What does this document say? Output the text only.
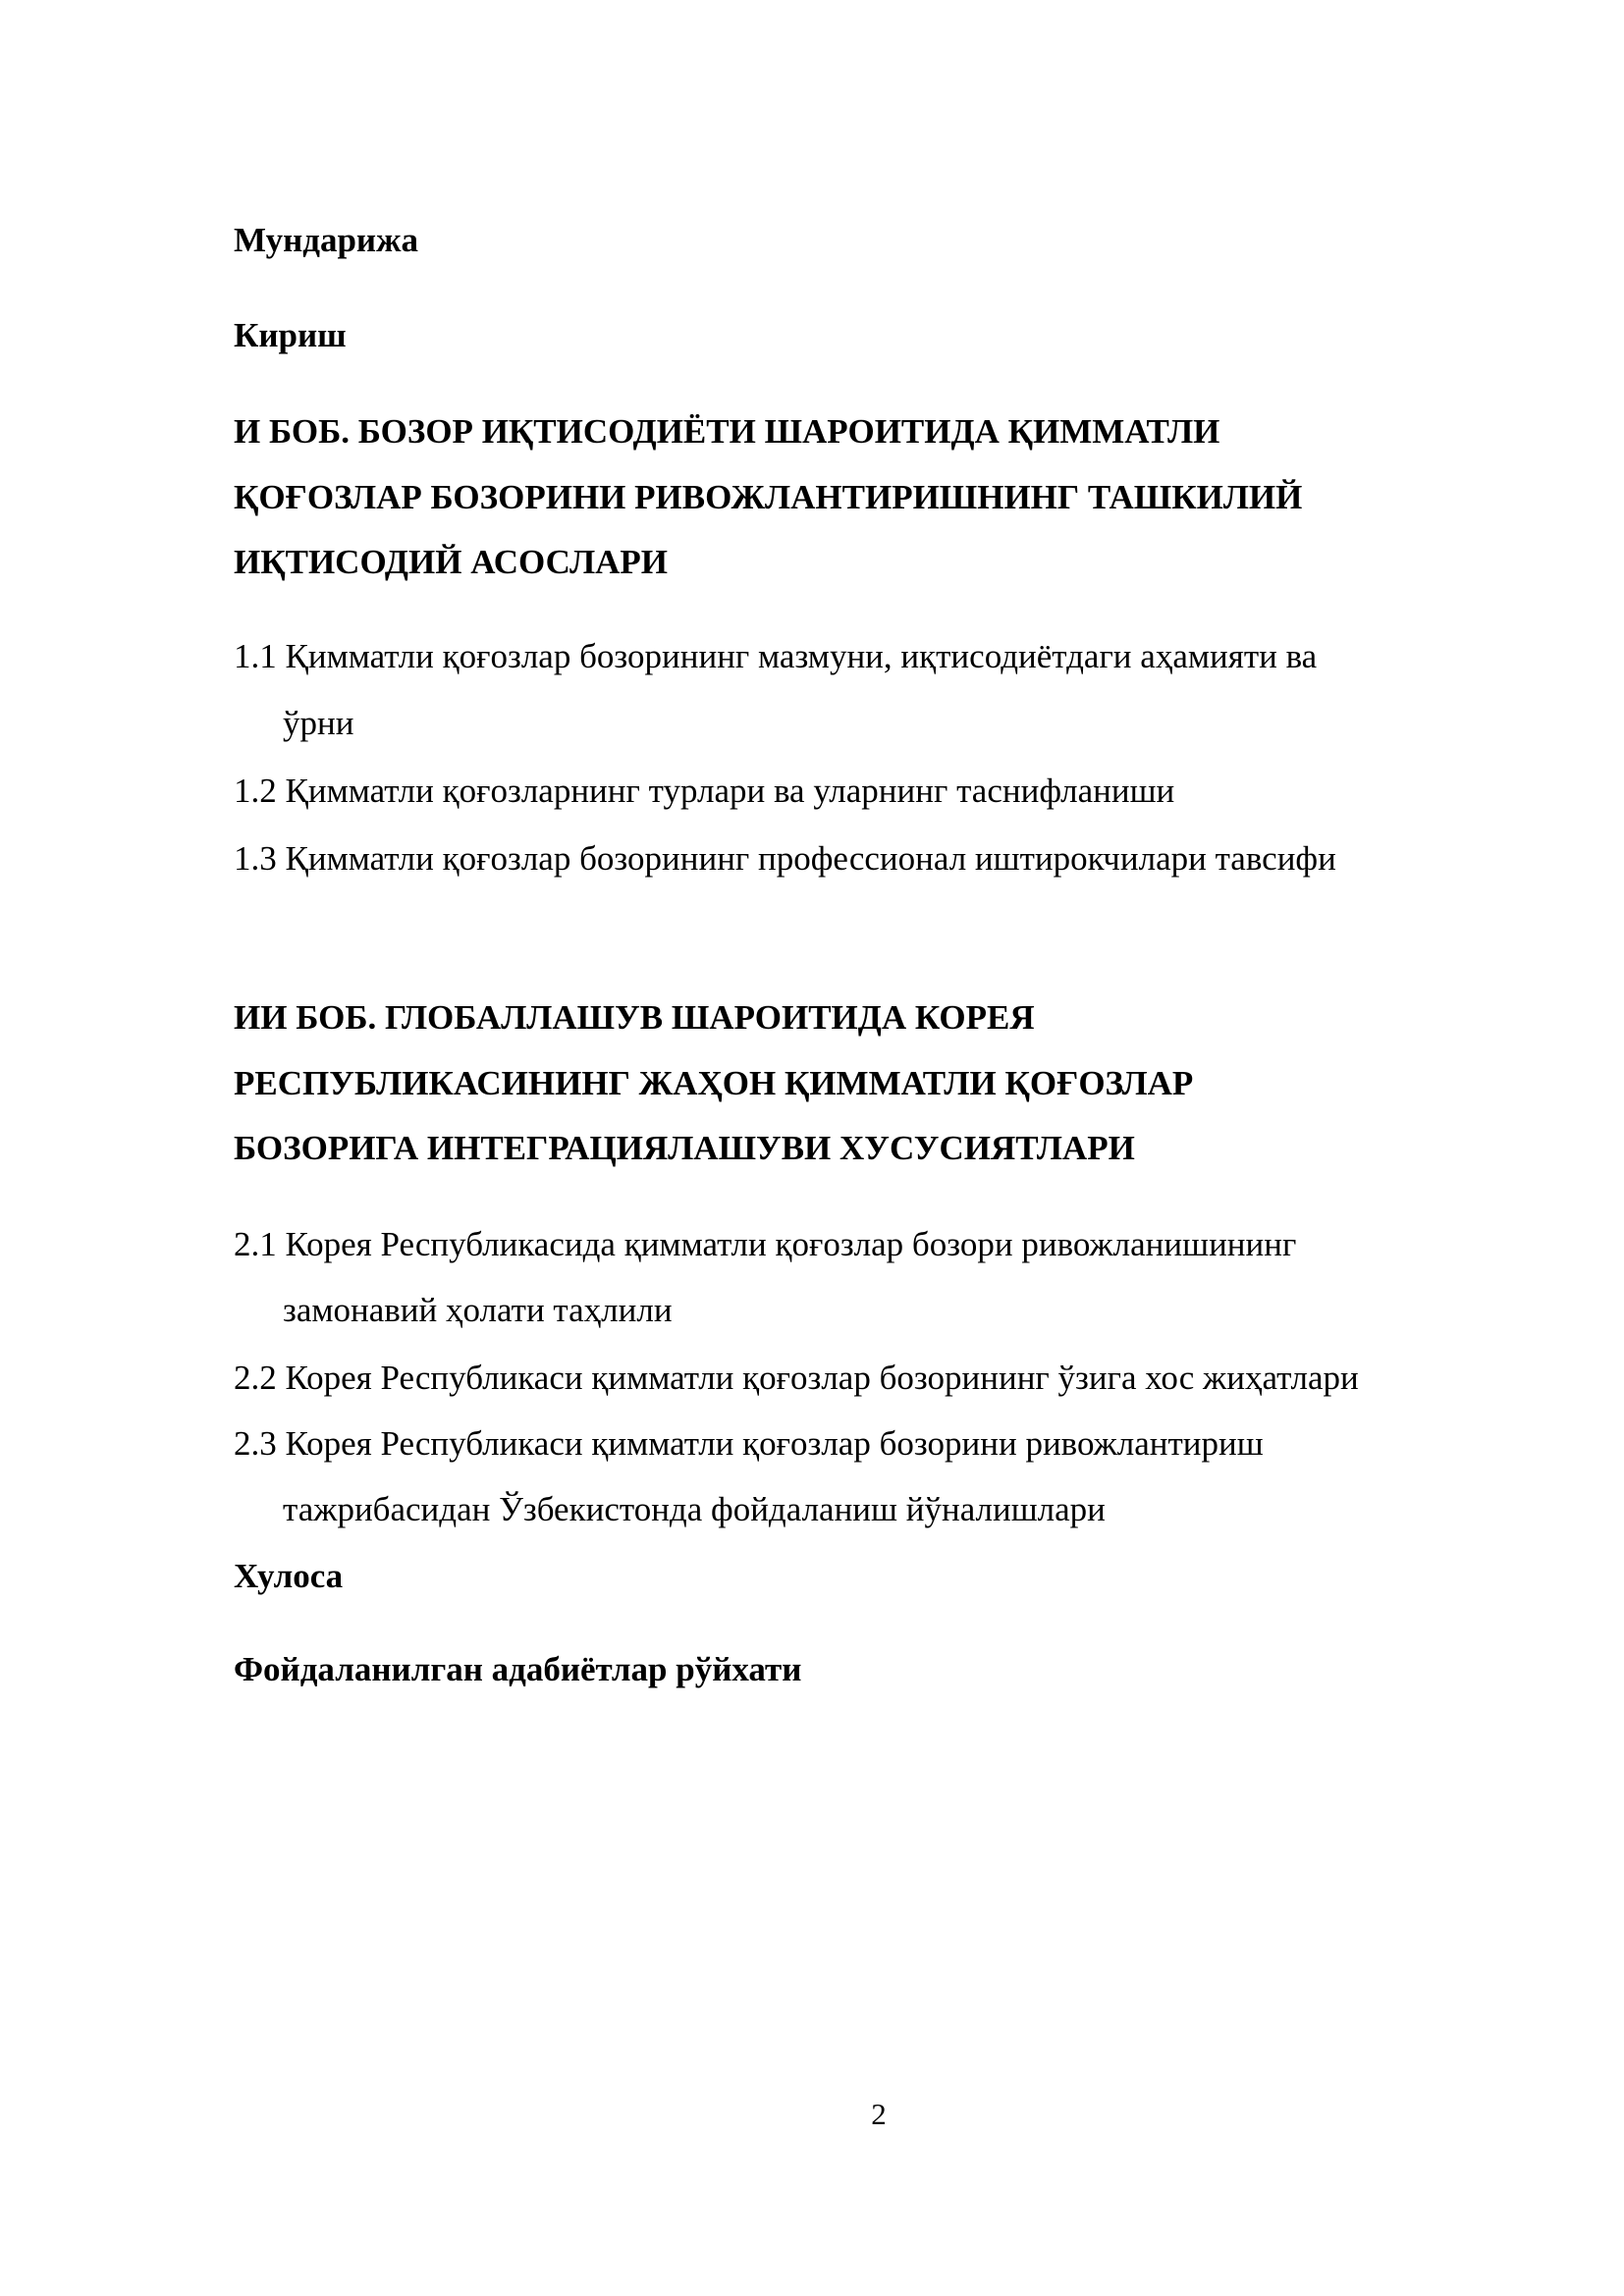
Мундарижа
Кириш
И БОБ. БОЗОР ИҚТИСОДИЁТИ ШАРОИТИДА ҚИММАТЛИ
ҚОҒОЗЛАР БОЗОРИНИ РИВОЖЛАНТИРИШНИНГ ТАШКИЛИЙ
ИҚТИСОДИЙ АСОСЛАРИ
1.1 Қимматли қоғозлар бозорининг мазмуни, иқтисодиётдаги аҳамияти ва
ўрни
1.2 Қимматли қоғозларнинг турлари ва уларнинг таснифланиши
1.3 Қимматли қоғозлар бозорининг профессионал иштирокчилари тавсифи
ИИ БОБ. ГЛОБАЛЛАШУВ ШАРОИТИДА КОРЕЯ
РЕСПУБЛИКАСИНИНГ ЖАҲОН ҚИММАТЛИ ҚОҒОЗЛАР
БОЗОРИГА ИНТЕГРАЦИЯЛАШУВИ ХУСУСИЯТЛАРИ
2.1 Корея Республикасида қимматли қоғозлар бозори ривожланишининг
замонавий ҳолати таҳлили
2.2 Корея Республикаси қимматли қоғозлар бозорининг ўзига хос жиҳатлари
2.3 Корея Республикаси қимматли қоғозлар бозорини ривожлантириш
тажрибасидан Ўзбекистонда фойдаланиш йўналишлари
Хулоса
Фойдаланилган адабиётлар рўйхати
2
